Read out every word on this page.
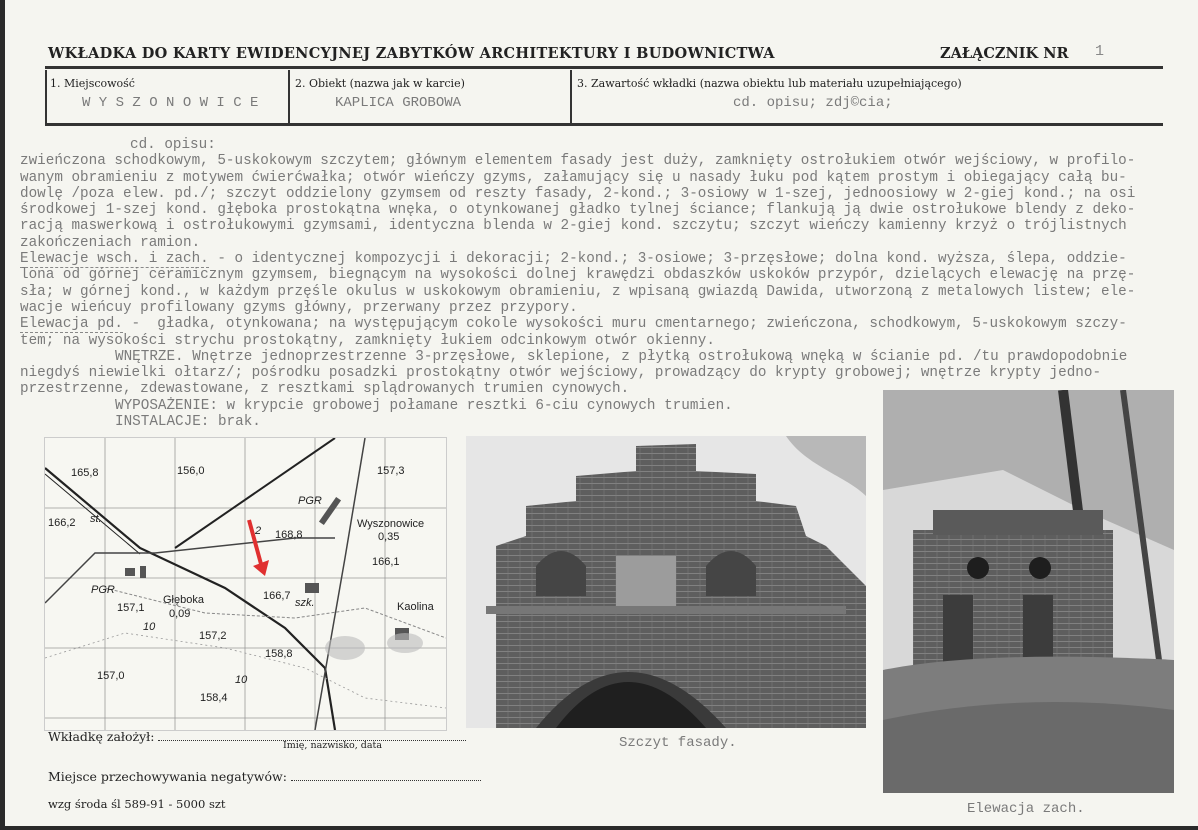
WKŁADKA DO KARTY EWIDENCYJNEJ ZABYTKÓW ARCHITEKTURY I BUDOWNICTWA	ZAŁĄCZNIK NR 1
1. Miejscowość
W Y S Z O N O W I C E
2. Obiekt (nazwa jak w karcie)
KAPLICA GROBOWA
3. Zawartość wkładki (nazwa obiektu lub materiału uzupełniającego)
cd. opisu; zdj©cia;
cd. opisu:
zwieńczona schodkowym, 5-uskokowym szczytem; głównym elementem fasady jest duży, zamknięty ostrołukiem otwór wejściowy, w profilo-
wanym obramieniu z motywem ćwierćwałka; otwór wieńczy gzyms, załamujący się u nasady łuku pod kątem prostym i obiegający całą bu-
dowlę /poza elew. pd./; szczyt oddzielony gzymsem od reszty fasady, 2-kond.; 3-osiowy w 1-szej, jednoosiowy w 2-giej kond.; na osi
środkowej 1-szej kond. głęboka prostokątna wnęka, o otynkowanej gładko tylnej ściance; flankują ją dwie ostrołukowe blendy z deko-
racją maswerkową i ostrołukowymi gzymsami, identyczna blenda w 2-giej kond. szczytu; szczyt wieńczy kamienny krzyż o trójlistnych
zakończeniach ramion.
Elewacje wsch. i zach. - o identycznej kompozycji i dekoracji; 2-kond.; 3-osiowe; 3-przęsłowe; dolna kond. wyższa, ślepa, oddzie-
lona od górnej ceramicznym gzymsem, biegnącym na wysokości dolnej krawędzi obdaszków uskoków przypór, dzielących elewację na przę-
sła; w górnej kond., w każdym przęśle okulus w uskokowym obramieniu, z wpisaną gwiazdą Dawida, utworzoną z metalowych listew; ele-
wacje wieńcuy profilowany gzyms główny, przerwany przez przypory.
Elewacja pd. -  gładka, otynkowana; na występującym cokole wysokości muru cmentarnego; zwieńczona, schodkowym, 5-uskokowym szczy-
tem; na wysokości strychu prostokątny, zamknięty łukiem odcinkowym otwór okienny.
WNĘTRZE. Wnętrze jednoprzestrzenne 3-przęsłowe, sklepione, z płytką ostrołukową wnęką w ścianie pd. /tu prawdopodobnie
niegdyś niewielki ołtarz/; pośrodku posadzki prostokątny otwór wejściowy, prowadzący do krypty grobowej; wnętrze krypty jedno-
przestrzenne, zdewastowane, z resztkami splądrowanych trumien cynowych.
WYPOSAŻENIE: w krypcie grobowej połamane resztki 6-ciu cynowych trumien.
INSTALACJE: brak.
165,8	156,0	157,3
PGR
166,2 st.	Wyszonowice
168,8	0,35
166,1
PGR
Głęboka
0,09
157,1
166,7
szk.	Kaolina
157,2
158,8
157,0
158,4
10
10
2
Szczyt fasady.
Elewacja zach.
Wkładkę założył:
Imię, nazwisko, data
Miejsce przechowywania negatywów:
wzg środa śl 589-91 - 5000 szt
